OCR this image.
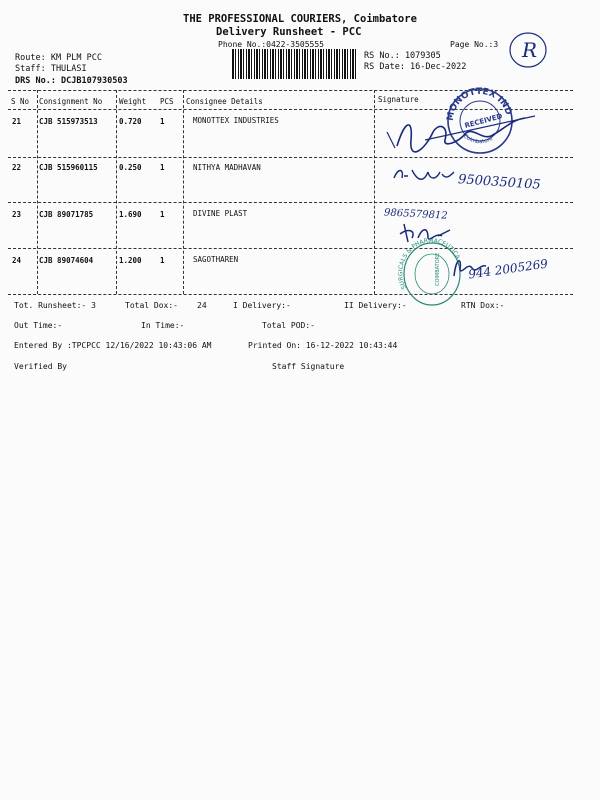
THE PROFESSIONAL COURIERS, Coimbatore
Delivery Runsheet - PCC
Phone No.:0422-3505555	Page No.:3 R
Route: KM PLM PCC
Staff: THULASI
DRS No.: DCJB107930503
RS No.: 1079305
RS Date: 16-Dec-2022
S No Consignment No Weight PCS Consignee Details	Signature
21 CJB 515973513	0.720 1	MONOTTEX INDUSTRIES
22 CJB 515960115	0.250 1	NITHYA MADHAVAN
23 CJB 89071785	1.690 1	DIVINE PLAST
24 CJB 89074604	1.200 1	SAGOTHAREN
MONOTTEX IND
RECEIVED
Coimbatore
9500350105
9865579812
SURGICALS & PHARMACEUTICALS
COIMBATORE 944 2005269
Tot. Runsheet:- 3	Total Dox:- 24	I Delivery:-	II Delivery:-	RTN Dox:-
Out Time:-	In Time:-	Total POD:-
Entered By :TPCPCC 12/16/2022 10:43:06 AM	Printed On: 16-12-2022 10:43:44
Verified By	Staff Signature
